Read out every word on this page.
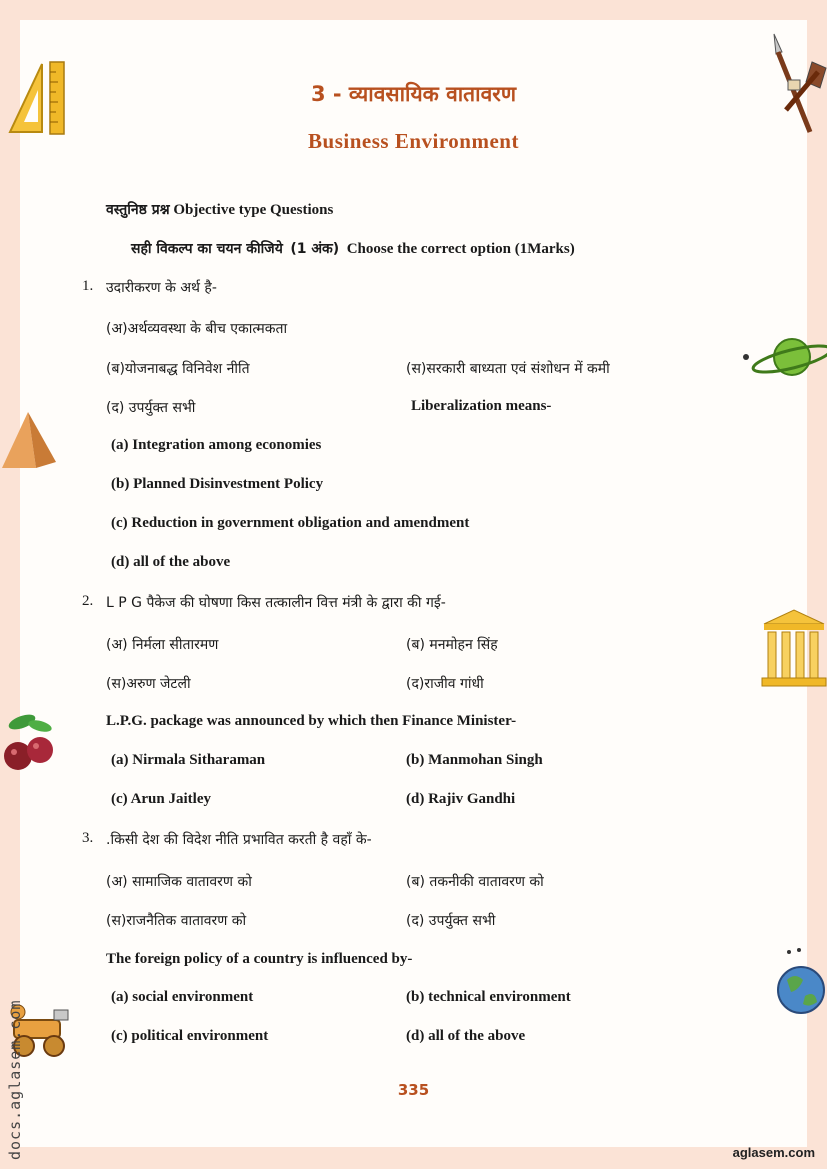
3 - व्यावसायिक वातावरण
Business Environment
वस्तुनिष्ठ प्रश्न Objective type Questions
सही विकल्प का चयन कीजिये (1 अंक) Choose the correct option (1Marks)
1. उदारीकरण के अर्थ है-
(अ)अर्थव्यवस्था के बीच एकात्मकता
(ब)योजनाबद्ध विनिवेश नीति	(स)सरकारी बाध्यता एवं संशोधन में कमी
(द) उपर्युक्त सभी	Liberalization means-
(a) Integration among economies
(b) Planned Disinvestment Policy
(c) Reduction in government obligation and amendment
(d) all of the above
2. L P G पैकेज की घोषणा किस तत्कालीन वित्त मंत्री के द्वारा की गई-
(अ) निर्मला सीतारमण	(ब) मनमोहन सिंह
(स)अरुण जेटली	(द)राजीव गांधी
L.P.G. package was announced by which then Finance Minister-
(a) Nirmala Sitharaman	(b) Manmohan Singh
(c) Arun Jaitley	(d) Rajiv Gandhi
3. .किसी देश की विदेश नीति प्रभावित करती है वहाँ के-
(अ) सामाजिक वातावरण को	(ब) तकनीकी वातावरण को
(स)राजनैतिक वातावरण को	(द) उपर्युक्त सभी
The foreign policy of a country is influenced by-
(a) social environment	(b) technical environment
(c) political environment	(d) all of the above
335
docs.aglasem.com	aglasem.com
